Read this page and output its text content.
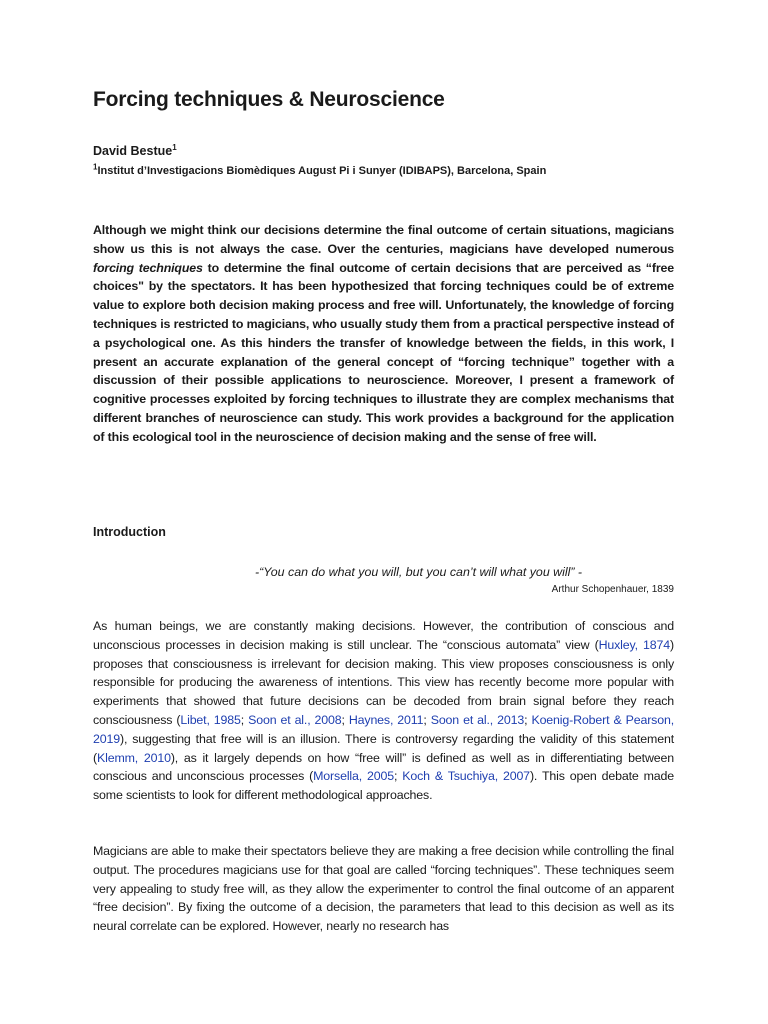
Forcing techniques & Neuroscience
David Bestue$^1$
$^1$Institut d’Investigacions Biomèdiques August Pi i Sunyer (IDIBAPS), Barcelona, Spain
Although we might think our decisions determine the final outcome of certain situations, magicians show us this is not always the case. Over the centuries, magicians have developed numerous forcing techniques to determine the final outcome of certain decisions that are perceived as “free choices" by the spectators. It has been hypothesized that forcing techniques could be of extreme value to explore both decision making process and free will. Unfortunately, the knowledge of forcing techniques is restricted to magicians, who usually study them from a practical perspective instead of a psychological one. As this hinders the transfer of knowledge between the fields, in this work, I present an accurate explanation of the general concept of “forcing technique” together with a discussion of their possible applications to neuroscience. Moreover, I present a framework of cognitive processes exploited by forcing techniques to illustrate they are complex mechanisms that different branches of neuroscience can study. This work provides a background for the application of this ecological tool in the neuroscience of decision making and the sense of free will.
Introduction
-“You can do what you will, but you can’t will what you will” -
Arthur Schopenhauer, 1839
As human beings, we are constantly making decisions. However, the contribution of conscious and unconscious processes in decision making is still unclear. The “conscious automata” view (Huxley, 1874) proposes that consciousness is irrelevant for decision making. This view proposes consciousness is only responsible for producing the awareness of intentions. This view has recently become more popular with experiments that showed that future decisions can be decoded from brain signal before they reach consciousness (Libet, 1985; Soon et al., 2008; Haynes, 2011; Soon et al., 2013; Koenig-Robert & Pearson, 2019), suggesting that free will is an illusion. There is controversy regarding the validity of this statement (Klemm, 2010), as it largely depends on how “free will” is defined as well as in differentiating between conscious and unconscious processes (Morsella, 2005; Koch & Tsuchiya, 2007). This open debate made some scientists to look for different methodological approaches.
Magicians are able to make their spectators believe they are making a free decision while controlling the final output. The procedures magicians use for that goal are called “forcing techniques”. These techniques seem very appealing to study free will, as they allow the experimenter to control the final outcome of an apparent “free decision”. By fixing the outcome of a decision, the parameters that lead to this decision as well as its neural correlate can be explored. However, nearly no research has
